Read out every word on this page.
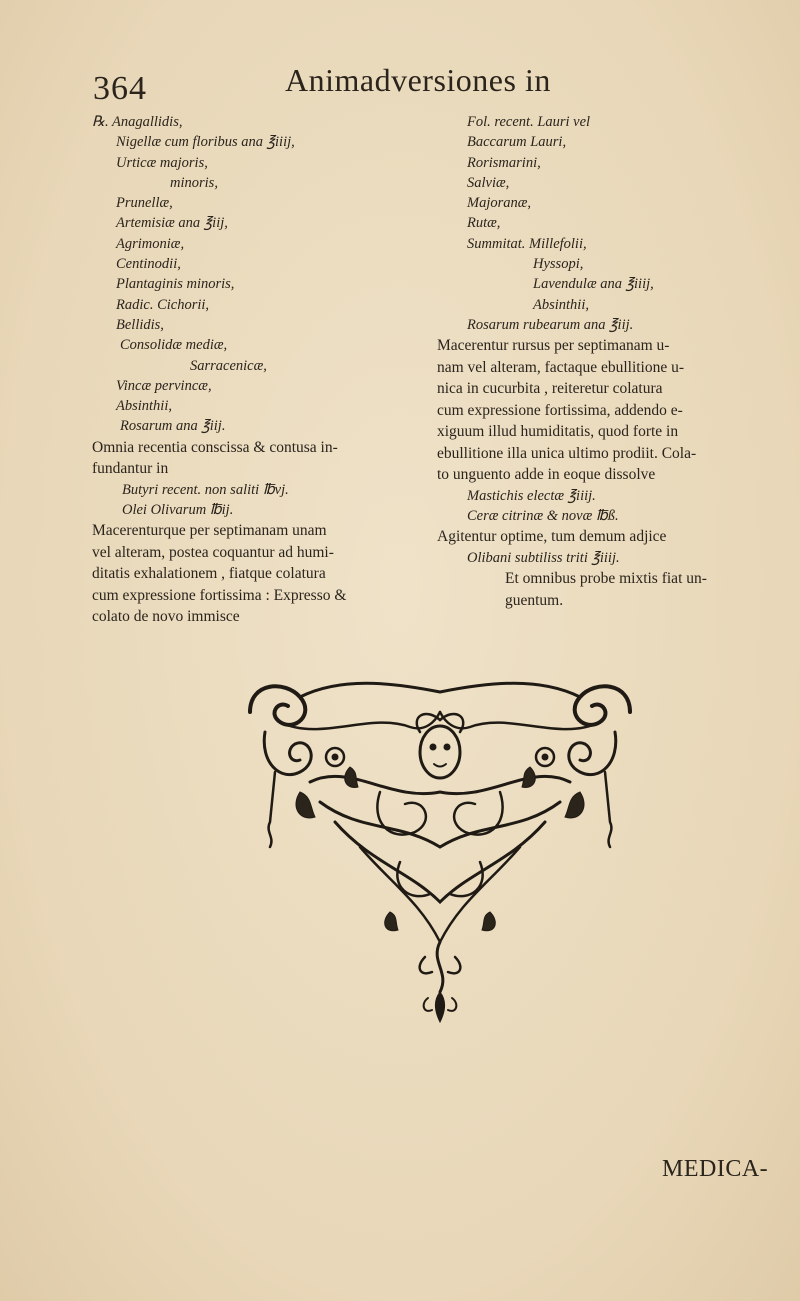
364	Animadversiones in
℞. Anagallidis,
Nigellæ cum floribus ana ℥iiij,
Urticæ majoris,
minoris,
Prunellæ,
Artemisiæ ana ℥iij,
Agrimoniæ,
Centinodii,
Plantaginis minoris,
Radic. Cichorii,
Bellidis,
Consolidæ mediæ,
Sarracenicæ,
Vincæ pervincæ,
Absinthii,
Rosarum ana ℥iij.
Omnia recentia conscissa & contusa in-
fundantur in
Butyri recent. non saliti ℔vj.
Olei Olivarum ℔ij.
Macerenturque per septimanam unam
vel alteram, postea coquantur ad humi-
ditatis exhalationem , fiatque colatura
cum expressione fortissima : Expresso &
colato de novo immisce
Fol. recent. Lauri vel
Baccarum Lauri,
Rorismarini,
Salviæ,
Majoranæ,
Rutæ,
Summitat. Millefolii,
Hyssopi,
Lavendulæ ana ℥iiij,
Absinthii,
Rosarum rubearum ana ℥iij.
Macerentur rursus per septimanam u-
nam vel alteram, factaque ebullitione u-
nica in cucurbita , reiteretur colatura
cum expressione fortissima, addendo e-
xiguum illud humiditatis, quod forte in
ebullitione illa unica ultimo prodiit. Cola-
to unguento adde in eoque dissolve
Mastichis electæ ℥iiij.
Ceræ citrinæ & novæ ℔ß.
Agitentur optime, tum demum adjice
Olibani subtiliss triti ℥iiij.
Et omnibus probe mixtis fiat un-
guentum.
MEDICA-
